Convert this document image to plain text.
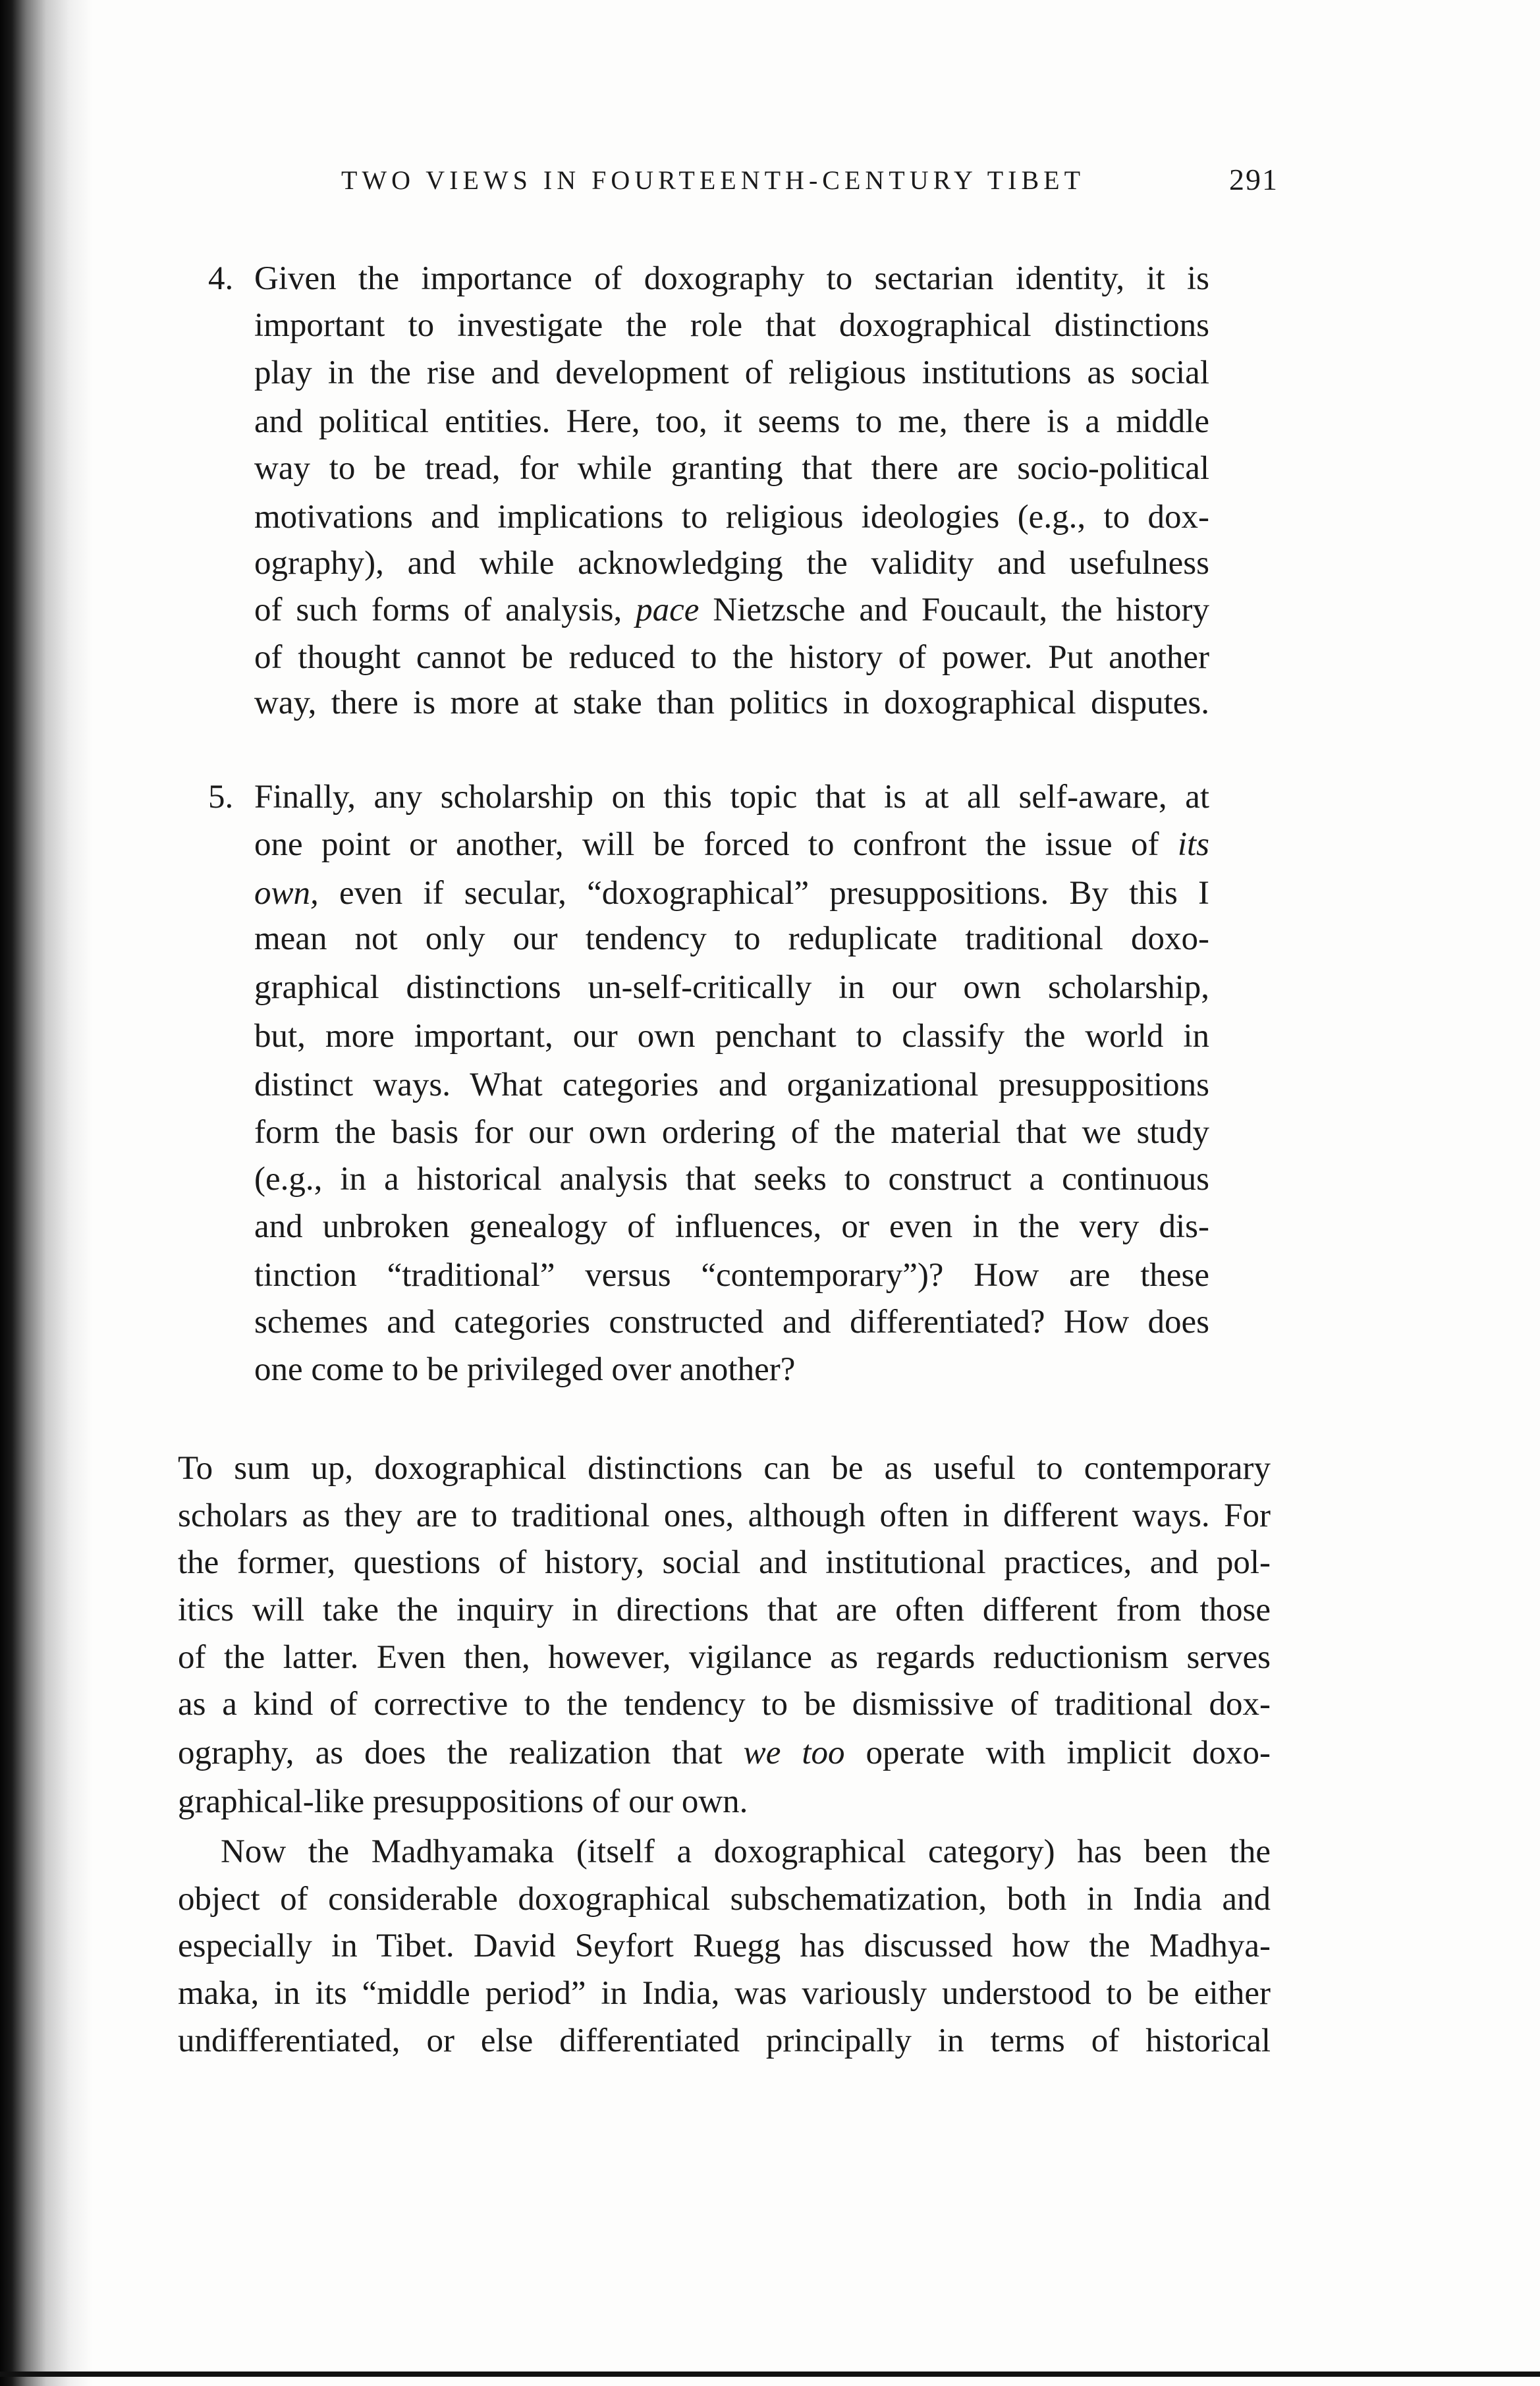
TWO VIEWS IN FOURTEENTH-CENTURY TIBET	291
4. Given the importance of doxography to sectarian identity, it is
important to investigate the role that doxographical distinctions
play in the rise and development of religious institutions as social
and political entities. Here, too, it seems to me, there is a middle
way to be tread, for while granting that there are socio-political
motivations and implications to religious ideologies (e.g., to dox-
ography), and while acknowledging the validity and usefulness
of such forms of analysis, pace Nietzsche and Foucault, the history
of thought cannot be reduced to the history of power. Put another
way, there is more at stake than politics in doxographical disputes.
5. Finally, any scholarship on this topic that is at all self-aware, at
one point or another, will be forced to confront the issue of its
own, even if secular, “doxographical” presuppositions. By this I
mean not only our tendency to reduplicate traditional doxo-
graphical distinctions un-self-critically in our own scholarship,
but, more important, our own penchant to classify the world in
distinct ways. What categories and organizational presuppositions
form the basis for our own ordering of the material that we study
(e.g., in a historical analysis that seeks to construct a continuous
and unbroken genealogy of influences, or even in the very dis-
tinction “traditional” versus “contemporary”)? How are these
schemes and categories constructed and differentiated? How does
one come to be privileged over another?
To sum up, doxographical distinctions can be as useful to contemporary
scholars as they are to traditional ones, although often in different ways. For
the former, questions of history, social and institutional practices, and pol-
itics will take the inquiry in directions that are often different from those
of the latter. Even then, however, vigilance as regards reductionism serves
as a kind of corrective to the tendency to be dismissive of traditional dox-
ography, as does the realization that we too operate with implicit doxo-
graphical-like presuppositions of our own.
Now the Madhyamaka (itself a doxographical category) has been the
object of considerable doxographical subschematization, both in India and
especially in Tibet. David Seyfort Ruegg has discussed how the Madhya-
maka, in its “middle period” in India, was variously understood to be either
undifferentiated, or else differentiated principally in terms of historical
